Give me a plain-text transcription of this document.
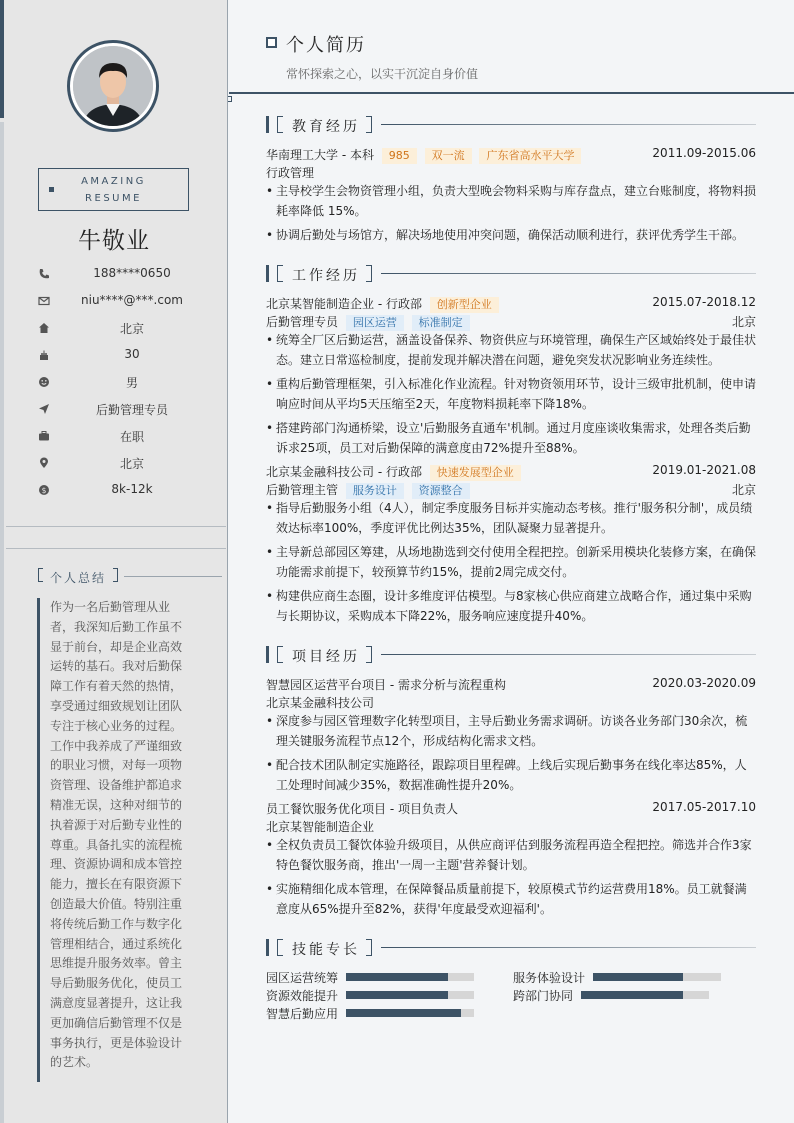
AMAZING
RESUME
牛敬业
188****0650
niu****@***.com
北京
30
男
后勤管理专员
在职
北京
$	8k-12k
个人总结
作为一名后勤管理从业者，我深知后勤工作虽不显于前台，却是企业高效运转的基石。我对后勤保障工作有着天然的热情，享受通过细致规划让团队专注于核心业务的过程。工作中我养成了严谨细致的职业习惯，对每一项物资管理、设备维护都追求精准无误，这种对细节的执着源于对后勤专业性的尊重。具备扎实的流程梳理、资源协调和成本管控能力，擅长在有限资源下创造最大价值。特别注重将传统后勤工作与数字化管理相结合，通过系统化思维提升服务效率。曾主导后勤服务优化，使员工满意度显著提升，这让我更加确信后勤管理不仅是事务执行，更是体验设计的艺术。
个人简历
常怀探索之心，以实干沉淀自身价值
教育经历
华南理工大学 - 本科 985 双一流 广东省高水平大学	2011.09-2015.06
行政管理
• 主导校学生会物资管理小组，负责大型晚会物料采购与库存盘点，建立台账制度，将物料损耗率降低 15%。
• 协调后勤处与场馆方，解决场地使用冲突问题，确保活动顺利进行，获评优秀学生干部。
工作经历
北京某智能制造企业 - 行政部 创新型企业	2015.07-2018.12
后勤管理专员 园区运营 标准制定	北京
• 统筹全厂区后勤运营，涵盖设备保养、物资供应与环境管理，确保生产区域始终处于最佳状态。建立日常巡检制度，提前发现并解决潜在问题，避免突发状况影响业务连续性。
• 重构后勤管理框架，引入标准化作业流程。针对物资领用环节，设计三级审批机制，使申请响应时间从平均5天压缩至2天，年度物料损耗率下降18%。
• 搭建跨部门沟通桥梁，设立'后勤服务直通车'机制。通过月度座谈收集需求，处理各类后勤诉求25项，员工对后勤保障的满意度由72%提升至88%。
北京某金融科技公司 - 行政部 快速发展型企业	2019.01-2021.08
后勤管理主管 服务设计 资源整合	北京
• 指导后勤服务小组（4人），制定季度服务目标并实施动态考核。推行'服务积分制'，成员绩效达标率100%，季度评优比例达35%，团队凝聚力显著提升。
• 主导新总部园区筹建，从场地勘选到交付使用全程把控。创新采用模块化装修方案，在确保功能需求前提下，较预算节约15%，提前2周完成交付。
• 构建供应商生态圈，设计多维度评估模型。与8家核心供应商建立战略合作，通过集中采购与长期协议，采购成本下降22%，服务响应速度提升40%。
项目经历
智慧园区运营平台项目 - 需求分析与流程重构	2020.03-2020.09
北京某金融科技公司
• 深度参与园区管理数字化转型项目，主导后勤业务需求调研。访谈各业务部门30余次，梳理关键服务流程节点12个，形成结构化需求文档。
• 配合技术团队制定实施路径，跟踪项目里程碑。上线后实现后勤事务在线化率达85%，人工处理时间减少35%，数据准确性提升20%。
员工餐饮服务优化项目 - 项目负责人	2017.05-2017.10
北京某智能制造企业
• 全权负责员工餐饮体验升级项目，从供应商评估到服务流程再造全程把控。筛选并合作3家特色餐饮服务商，推出'一周一主题'营养餐计划。
• 实施精细化成本管理，在保障餐品质量前提下，较原模式节约运营费用18%。员工就餐满意度从65%提升至82%，获得'年度最受欢迎福利'。
技能专长
园区运营统筹	服务体验设计
资源效能提升	跨部门协同
智慧后勤应用
